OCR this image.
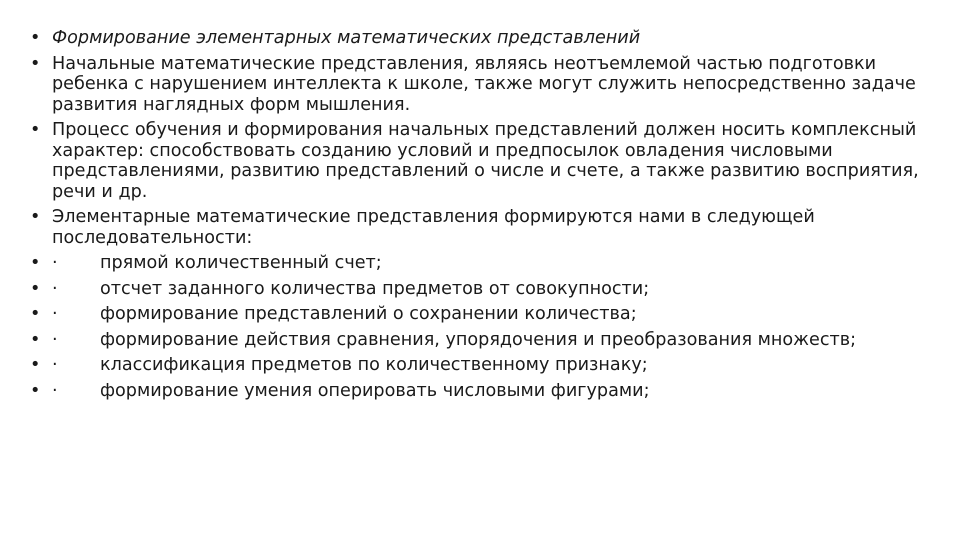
• Формирование элементарных математических представлений
• Начальные математические представления, являясь неотъемлемой частью подготовки ребенка с нарушением интеллекта к школе, также могут служить непосредственно задаче развития наглядных форм мышления.
• Процесс обучения и формирования начальных представлений должен носить комплексный характер: способствовать созданию условий и предпосылок овладения числовыми представлениями, развитию представлений о числе и счете, а также развитию восприятия, речи и др.
• Элементарные математические представления формируются нами в следующей последовательности:
• · прямой количественный счет;
• · отсчет заданного количества предметов от совокупности;
• · формирование представлений о сохранении количества;
• · формирование действия сравнения, упорядочения и преобразования множеств;
• · классификация предметов по количественному признаку;
• · формирование умения оперировать числовыми фигурами;
